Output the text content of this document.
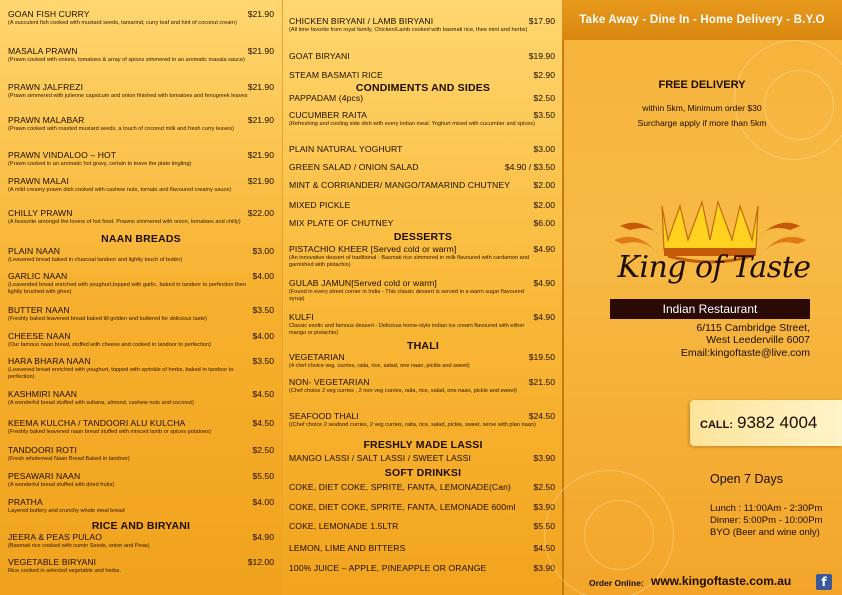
GOAN FISH CURRY	$21.90
(A succulent fish cooked with mustard seeds, tamarind, curry leaf and hint of coconut cream)
MASALA PRAWN	$21.90
(Prawn cooked with onions, tomatoes & array of spices simmered in an aromatic masala sauce)
PRAWN JALFREZI	$21.90
(Prawn simmered with julienne capsicum and onion finished with tomatoes and fenugreek leaves
PRAWN MALABAR	$21.90
(Prawn cooked with roasted mustard seeds, a touch of coconut milk and fresh curry leaves)
PRAWN VINDALOO – HOT	$21.90
(Prawn cooked in an aromatic hot gravy, certain to leave the plate tingling)
PRAWN MALAI	$21.90
(A mild creamy prawn dish cooked with cashew nuts, tomato and flavoured creamy sauce)
CHILLY PRAWN	$22.00
(A favourite amongst the lovers of hot food. Prawns simmered with onion, tomatoes and chilly)
PLAIN NAAN	$3.00
(Leavened bread baked in charcoal tandoor and lightly touch of butter)
GARLIC NAAN	$4.00
(Leavended bread enriched with youghurt,topped with garlic, baked in tandoor to perfection then lightly brushed with ghee)
BUTTER NAAN	$3.50
(Freshly baked leavened bread baked till golden and buttered for delicious taste)
CHEESE NAAN	$4.00
(Our famous naan bread, stuffed with cheese and cooked in tandoor to perfection)
HARA BHARA NAAN	$3.50
(Leavened bread enriched with youghurt, topped with sprinkle of herbs, baked in tandoor to perfection)
KASHMIRI NAAN	$4.50
(A wonderful bread stuffed with sultana, almond, cashew nuts and coconut)
KEEMA KULCHA / TANDOORI ALU KULCHA	$4.50
(Freshly baked leavened naan bread stuffed with minced lamb or spices potatoes)
TANDOORI ROTI	$2.50
(Fresh wholemeal Naan Bread Baked in tandoor)
PESAWARI NAAN	$5.50
(A wonderful bread stuffed with dried fruits)
PRATHA	$4.00
Layered buttery and crunchy whole meal bread
JEERA & PEAS PULAO	$4.90
(Basmati rice cooked with cumin Seeds, onion and Peas)
VEGETABLE BIRYANI	$12.00
Rice cooked in selected vegetable and herbs.
NAAN BREADS
RICE AND BIRYANI
CHICKEN BIRYANI / LAMB BIRYANI	$17.90
(All time favorite from royal family, Chicken/Lamb cooked with basmati rice, thee mint and herbs)
GOAT BIRYANI	$19.90
STEAM BASMATI RICE	$2.90
PAPPADAM (4pcs)	$2.50
CUCUMBER RAITA	$3.50
(Refreshing and cooling side dish with every indian meal. Yoghurt mixed with cucumber and spices)
PLAIN NATURAL YOGHURT	$3.00
GREEN SALAD / ONION SALAD	$4.90 / $3.50
MINT & CORRIANDER/ MANGO/TAMARIND CHUTNEY	$2.00
MIXED PICKLE	$2.00
MIX PLATE OF CHUTNEY	$6.00
PISTACHIO KHEER [Served cold or warm]	$4.90
(An innovative dessert of traditional - Basmati rice simmered in milk flavoured with cardamon and garnished with pistachio)
GULAB JAMUN[Served cold or warm]	$4.90
(Found in every street corner in India - This classic dessert is served in a warm sugar flavoured syrup)
KULFI	$4.90
Classic exotic and famous dessert - Delicious home-style indian ice cream flavoured with either mango or pistachio)
VEGETARIAN	$19.50
(4 chef choice veg. curries, raita, rice, salad, one naan, pickle and sweet)
NON- VEGETARIAN	$21.50
(Chef choice 2 veg curries , 2 non veg curries, raita, rice, salad, one naan, pickle and sweet)
SEAFOOD THALI	$24.50
((Chef choice 2 seafood curries, 2 veg curries, raita, rice, salad, pickle, sweet. serve with plan naan)
MANGO LASSI / SALT LASSI / SWEET LASSI	$3.90
COKE, DIET COKE, SPRITE, FANTA, LEMONADE(Can)	$2.50
COKE, DIET COKE, SPRITE, FANTA, LEMONADE 600ml	$3.90
COKE, LEMONADE 1.5LTR	$5.50
LEMON, LIME AND BITTERS	$4.50
100% JUICE – APPLE, PINEAPPLE OR ORANGE	$3.90
CONDIMENTS AND SIDES
DESSERTS
THALI
FRESHLY MADE LASSI
SOFT DRINKSI
Take Away - Dine In - Home Delivery - B.Y.O
FREE DELIVERY
within 5km, Minimum order $30
Surcharge apply if more than 5km
King of Taste
Indian Restaurant
6/115 Cambridge Street,
West Leederville 6007
Email:kingoftaste@live.com
CALL: 9382 4004
Open 7 Days
Lunch : 11:00Am - 2:30Pm
Dinner: 5:00Pm - 10:00Pm
BYO (Beer and wine only)
Order Online: www.kingoftaste.com.au	f
